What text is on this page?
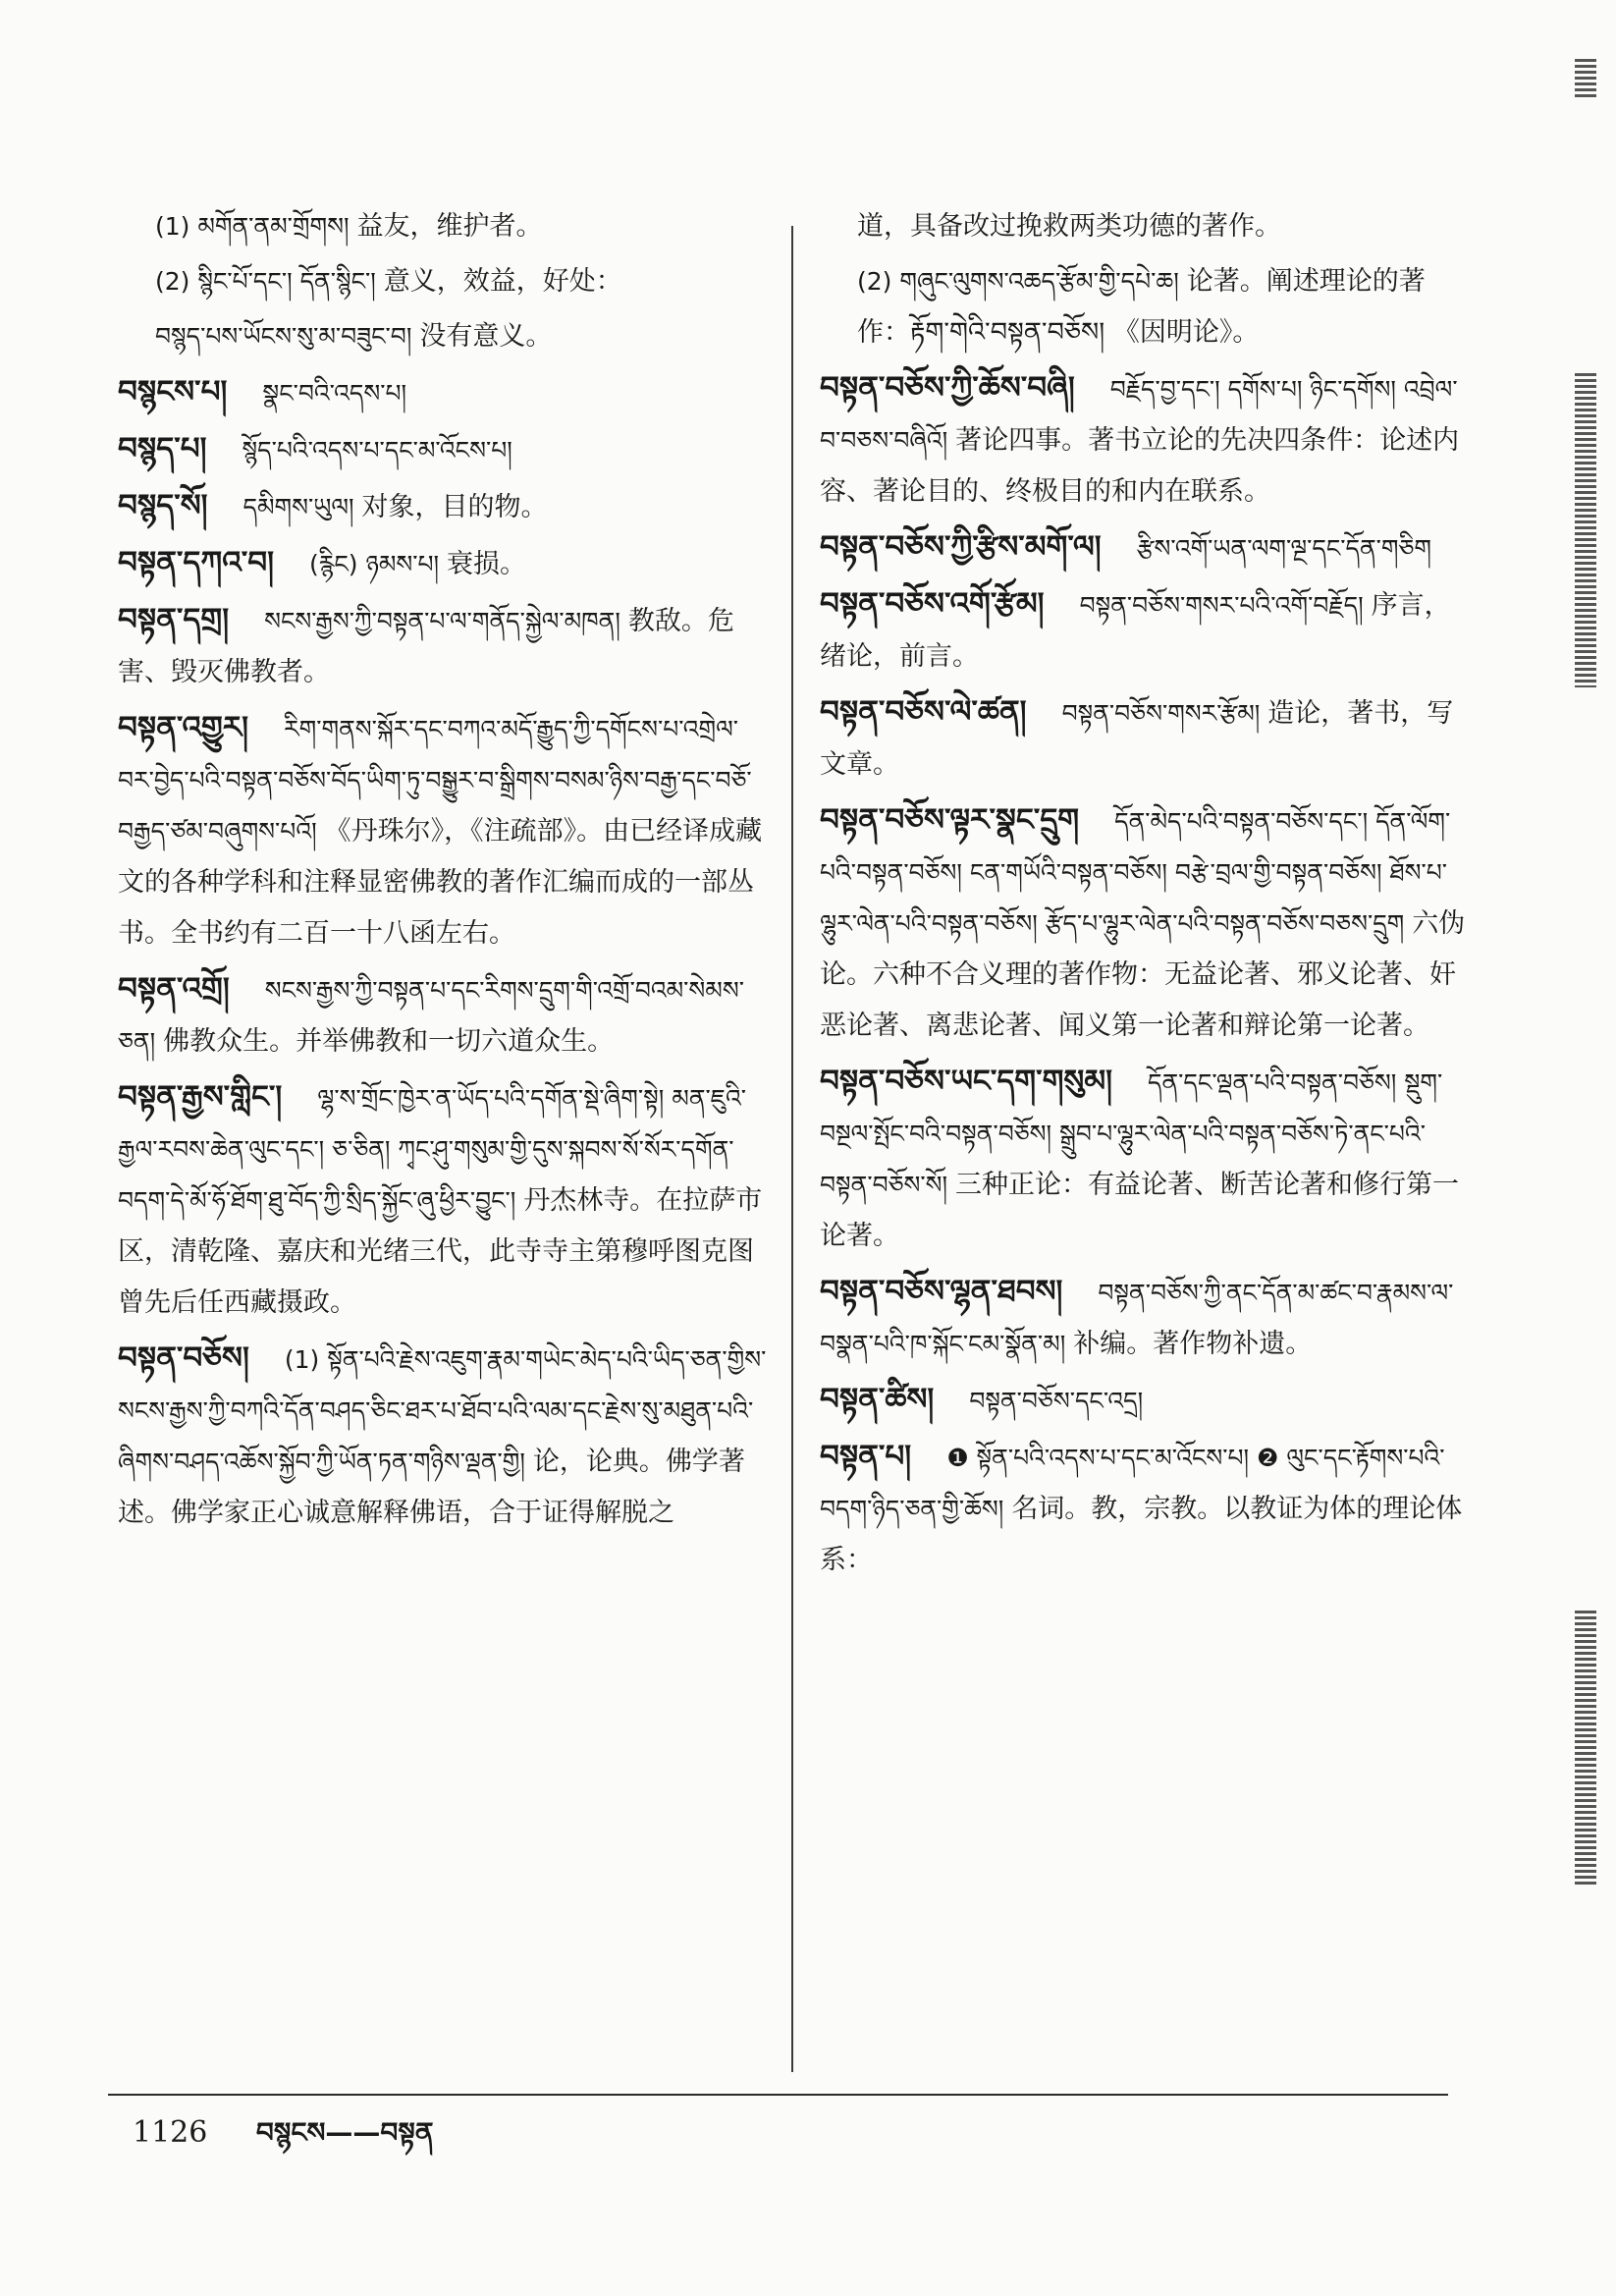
(1) མགོན་ནམ་གྲོགས། 益友，维护者。
(2) སྙིང་པོ་དང་། དོན་སྙིང་། 意义，效益，好处：
བསྙད་པས་ཡོངས་སུ་མ་བཟུང་བ། 没有意义。
བསྙངས་པ། སྣང་བའི་འདས་པ།
བསྙད་པ། སྙོད་པའི་འདས་པ་དང་མ་འོངས་པ།
བསྙད་སོ། དམིགས་ཡུལ། 对象，目的物。
བསྟན་དཀའ་བ། (རྙིང) ཉམས་པ། 衰损。
བསྟན་དགྲ། སངས་རྒྱས་ཀྱི་བསྟན་པ་ལ་གནོད་སྐྱེལ་མཁན། 教敌。危害、毁灭佛教者。
བསྟན་འགྱུར། རིག་གནས་སྐོར་དང་བཀའ་མདོ་རྒྱུད་ཀྱི་དགོངས་པ་འགྲེལ་བར་བྱེད་པའི་བསྟན་བཅོས་བོད་ཡིག་ཏུ་བསྒྱུར་བ་སྒྲིགས་བསམ་ཉིས་བརྒྱ་དང་བཅོ་བརྒྱད་ཙམ་བཞུགས་པའོ། 《丹珠尔》，《注疏部》。由已经译成藏文的各种学科和注释显密佛教的著作汇编而成的一部丛书。全书约有二百一十八函左右。
བསྟན་འགྲོ། སངས་རྒྱས་ཀྱི་བསྟན་པ་དང་རིགས་དྲུག་གི་འགྲོ་བའམ་སེམས་ཅན། 佛教众生。并举佛教和一切六道众生。
བསྟན་རྒྱས་གླིང་། ལྷ་ས་གྲོང་ཁྱེར་ན་ཡོད་པའི་དགོན་སྡེ་ཞིག་སྟེ། མན་ཇུའི་རྒྱལ་རབས་ཆེན་ལུང་དང་། ཅ་ཅིན། ཀྭང་ཤུ་གསུམ་གྱི་དུས་སྐབས་སོ་སོར་དགོན་བདག་དེ་མོ་ཧོ་ཐོག་ཐུ་བོད་ཀྱི་སྲིད་སྐྱོང་ཞུ་ཕྱིར་བྱུང་། 丹杰林寺。在拉萨市区，清乾隆、嘉庆和光绪三代，此寺寺主第穆呼图克图曾先后任西藏摄政。
བསྟན་བཅོས། (1) སྟོན་པའི་རྗེས་འཇུག་རྣམ་གཡེང་མེད་པའི་ཡིད་ཅན་གྱིས་སངས་རྒྱས་ཀྱི་བཀའི་དོན་བཤད་ཅིང་ཐར་པ་ཐོབ་པའི་ལམ་དང་རྗེས་སུ་མཐུན་པའི་ཞིགས་བཤད་འཆོས་སྐྱོབ་ཀྱི་ཡོན་ཏན་གཉིས་ལྡན་གྱི། 论，论典。佛学著述。佛学家正心诚意解释佛语，合于证得解脱之
道，具备改过挽救两类功德的著作。
(2) གཞུང་ལུགས་འཆད་རྩོམ་གྱི་དཔེ་ཆ། 论著。阐述理论的著作：རྟོག་གེའི་བསྟན་བཅོས། 《因明论》。
བསྟན་བཅོས་ཀྱི་ཆོས་བཞི། བརྗོད་བྱ་དང་། དགོས་པ། ཉིང་དགོས། འབྲེལ་བ་བཅས་བཞིའོ། 著论四事。著书立论的先决四条件：论述内容、著论目的、终极目的和内在联系。
བསྟན་བཅོས་ཀྱི་རྩིས་མགོ་ལ། རྩིས་འགོ་ཡན་ལག་ལྔ་དང་དོན་གཅིག
བསྟན་བཅོས་འགོ་རྩོམ། བསྟན་བཅོས་གསར་པའི་འགོ་བརྗོད། 序言，绪论，前言。
བསྟན་བཅོས་ལེ་ཚན། བསྟན་བཅོས་གསར་རྩོམ། 造论，著书，写文章。
བསྟན་བཅོས་ལྟར་སྣང་དྲུག དོན་མེད་པའི་བསྟན་བཅོས་དང་། དོན་ལོག་པའི་བསྟན་བཅོས། ངན་གཡོའི་བསྟན་བཅོས། བརྩེ་བྲལ་གྱི་བསྟན་བཅོས། ཐོས་པ་ལྷུར་ལེན་པའི་བསྟན་བཅོས། རྩོད་པ་ལྷུར་ལེན་པའི་བསྟན་བཅོས་བཅས་དྲུག 六伪论。六种不合义理的著作物：无益论著、邪义论著、奸恶论著、离悲论著、闻义第一论著和辩论第一论著。
བསྟན་བཅོས་ཡང་དག་གསུམ། དོན་དང་ལྡན་པའི་བསྟན་བཅོས། སྡུག་བསྔལ་སྤོང་བའི་བསྟན་བཅོས། སྒྲུབ་པ་ལྷུར་ལེན་པའི་བསྟན་བཅོས་ཏེ་ནང་པའི་བསྟན་བཅོས་སོ། 三种正论：有益论著、断苦论著和修行第一论著。
བསྟན་བཅོས་ལྷན་ཐབས། བསྟན་བཅོས་ཀྱི་ནང་དོན་མ་ཚང་བ་རྣམས་ལ་བསྣན་པའི་ཁ་སྐོང་ངམ་སྣོན་མ། 补编。著作物补遗。
བསྟན་ཚིས། བསྟན་བཅོས་དང་འདྲ།
བསྟན་པ། ❶ སྟོན་པའི་འདས་པ་དང་མ་འོངས་པ། ❷ ལུང་དང་རྟོགས་པའི་བདག་ཉིད་ཅན་གྱི་ཆོས། 名词。教，宗教。以教证为体的理论体系：
1126 བསྙངས——བསྟན
